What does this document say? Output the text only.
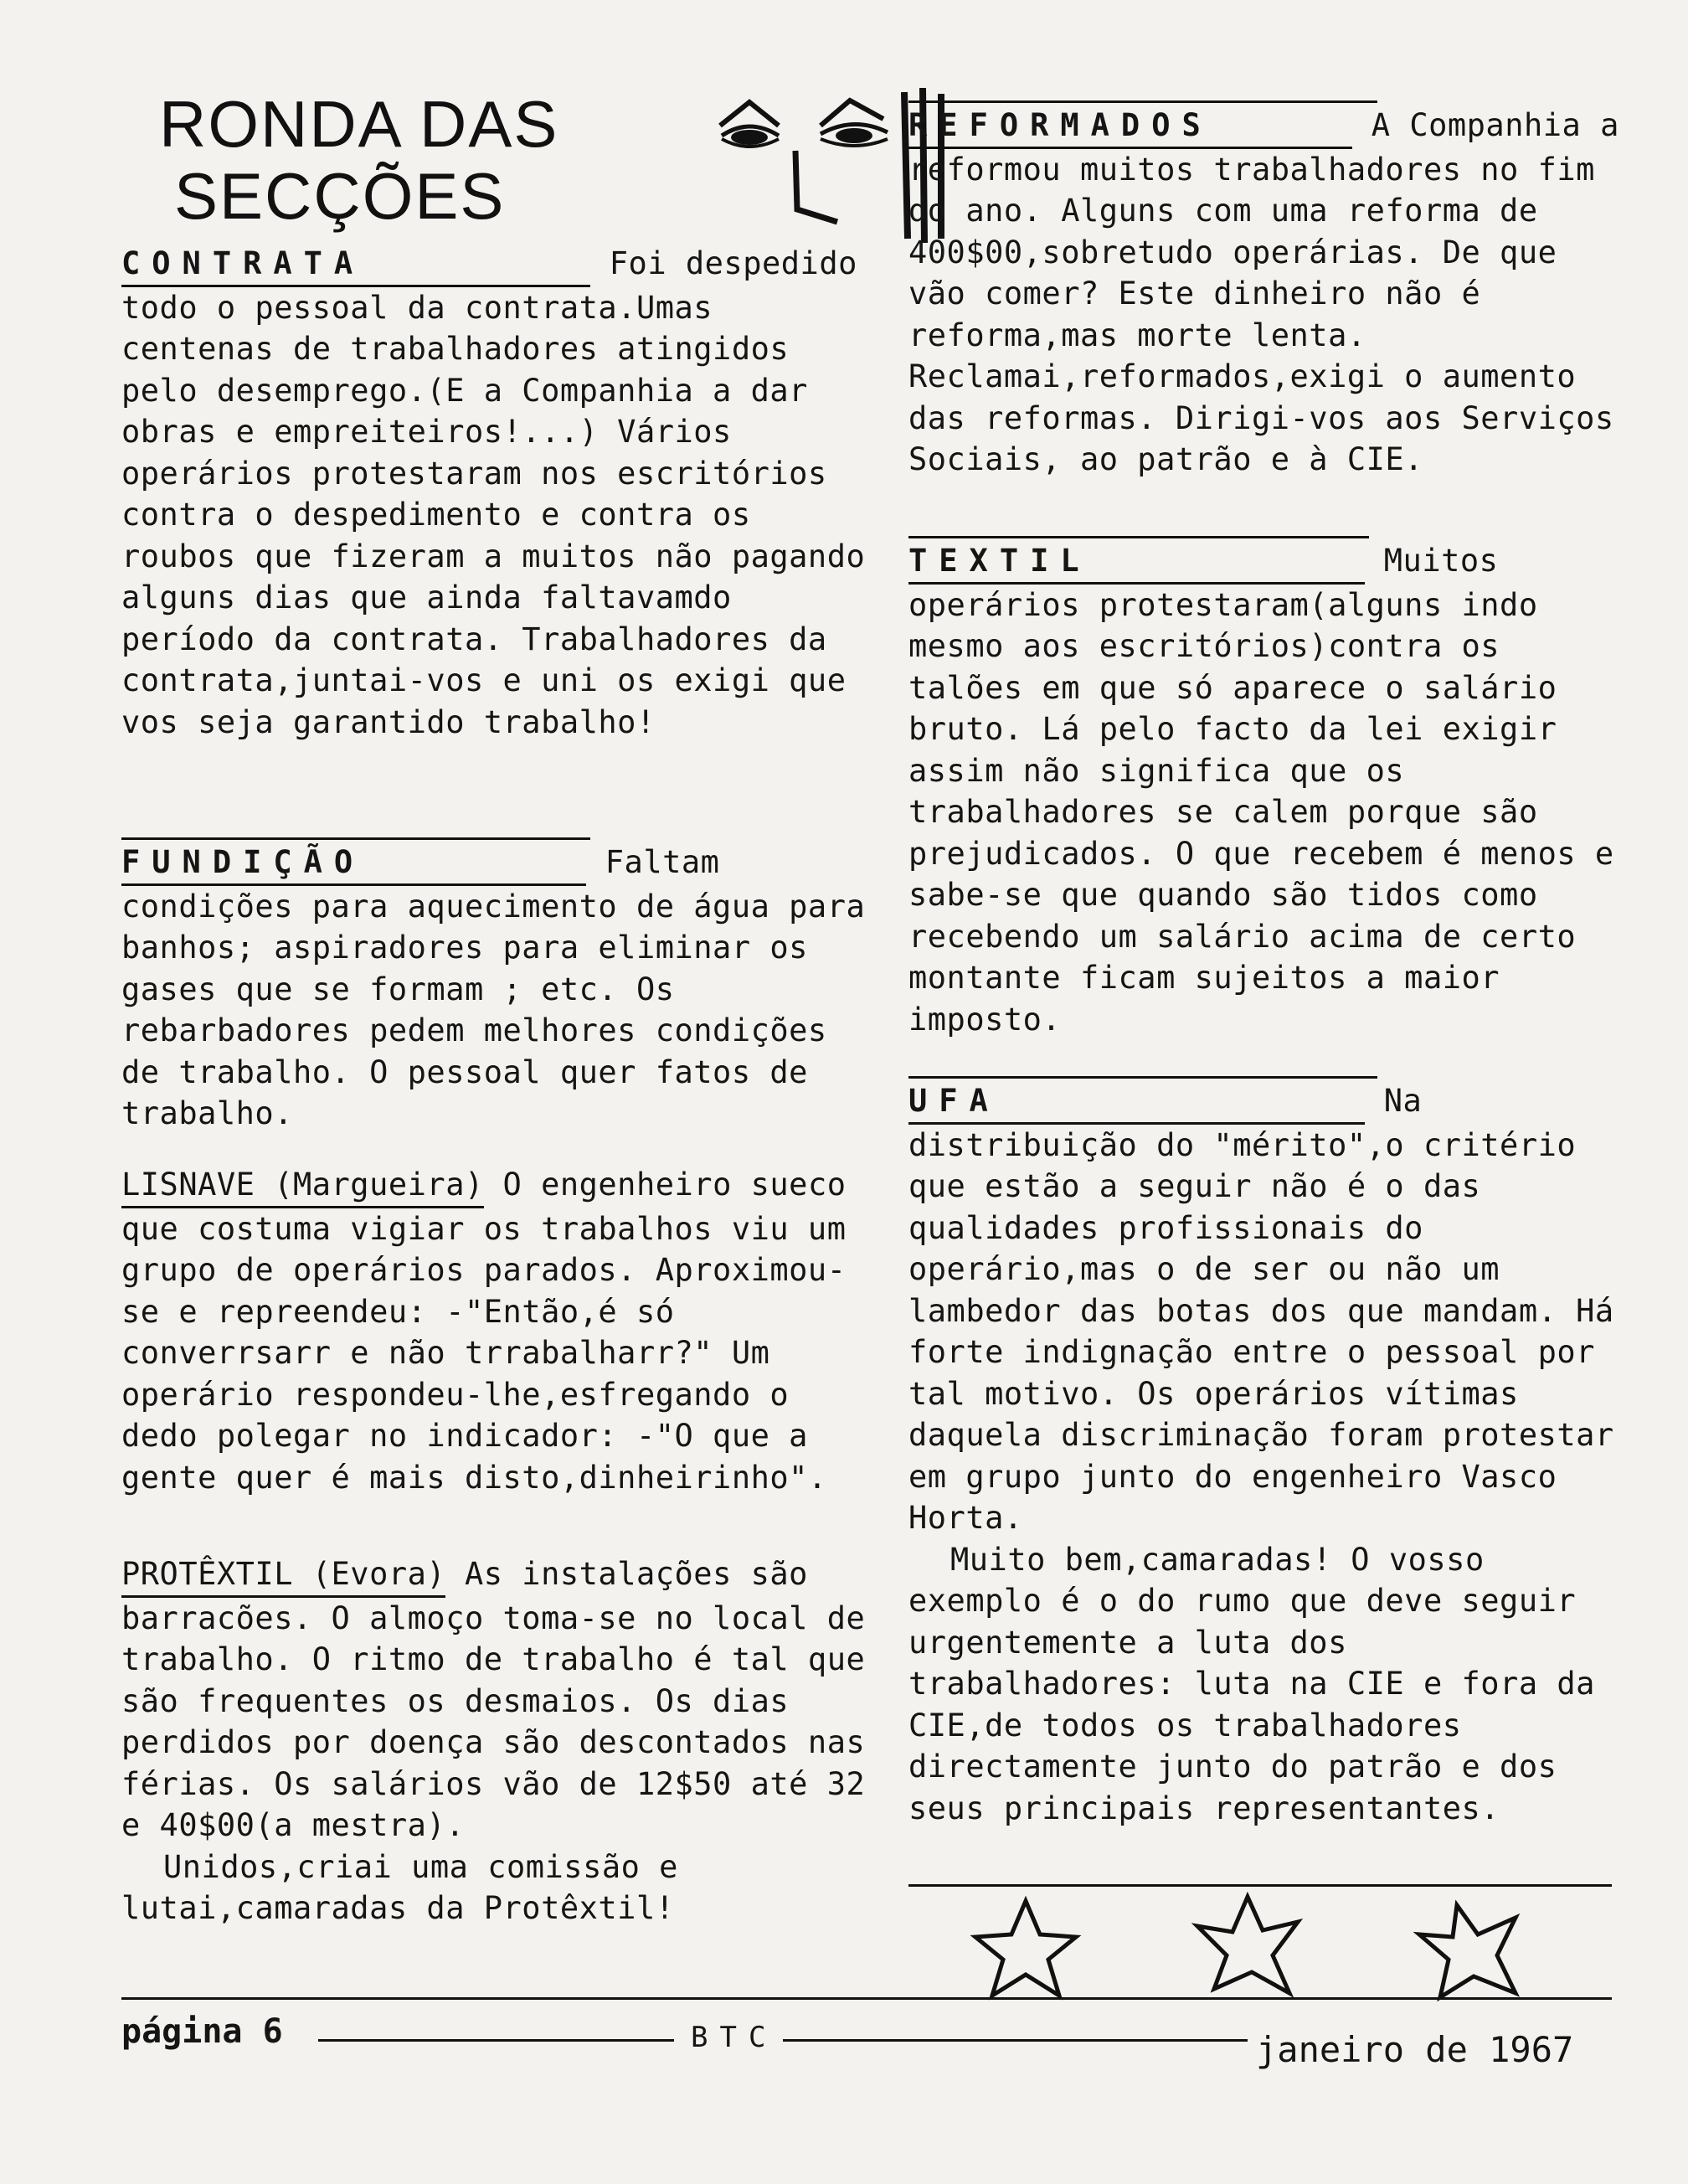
RONDA DAS
SECÇÕES

CONTRATA	Foi despedido todo o pessoal da contrata.Umas centenas de trabalhadores atingidos pelo desemprego.(E a Companhia a dar obras e empreiteiros!...) Vários operários protestaram nos escritórios contra o despedimento e contra os roubos que fizeram a muitos não pagando alguns dias que ainda faltavamdo período da contrata. Trabalhadores da contrata,juntai-vos e uni os exigi que vos seja garantido trabalho!

FUNDIÇÃO	Faltam condições para aquecimento de água para banhos; aspiradores para eliminar os gases que se formam ; etc. Os rebarbadores pedem melhores condições de trabalho. O pessoal quer fatos de trabalho.

LISNAVE (Margueira) O engenheiro sueco que costuma vigiar os trabalhos viu um grupo de operários parados. Aproximou-se e repreendeu: -"Então,é só converrsarr e não trrabalharr?" Um operário respondeu-lhe,esfregando o dedo polegar no indicador: -"O que a gente quer é mais disto,dinheirinho".

PROTÊXTIL (Evora) As instalações são barracões. O almoço toma-se no local de trabalho. O ritmo de trabalho é tal que são frequentes os desmaios. Os dias perdidos por doença são descontados nas férias. Os salários vão de 12$50 até 32 e 40$00(a mestra).

Unidos,criai uma comissão e lutai,camaradas da Protêxtil!

REFORMADOS	A Companhia a reformou muitos trabalhadores no fim do ano. Alguns com uma reforma de 400$00,sobretudo operárias. De que vão comer? Este dinheiro não é reforma,mas morte lenta. Reclamai,reformados,exigi o aumento das reformas. Dirigi-vos aos Serviços Sociais, ao patrão e à CIE.

TEXTIL	Muitos operários protestaram(alguns indo mesmo aos escritórios)contra os talões em que só aparece o salário bruto. Lá pelo facto da lei exigir assim não significa que os trabalhadores se calem porque são prejudicados. O que recebem é menos e sabe-se que quando são tidos como recebendo um salário acima de certo montante ficam sujeitos a maior imposto.

UFA	Na distribuição do "mérito",o critério que estão a seguir não é o das qualidades profissionais do operário,mas o de ser ou não um lambedor das botas dos que mandam. Há forte indignação entre o pessoal por tal motivo. Os operários vítimas daquela discriminação foram protestar em grupo junto do engenheiro Vasco Horta.

Muito bem,camaradas! O vosso exemplo é o do rumo que deve seguir urgentemente a luta dos trabalhadores: luta na CIE e fora da CIE,de todos os trabalhadores directamente junto do patrão e dos seus principais representantes.

página 6	BTC	janeiro de 1967
